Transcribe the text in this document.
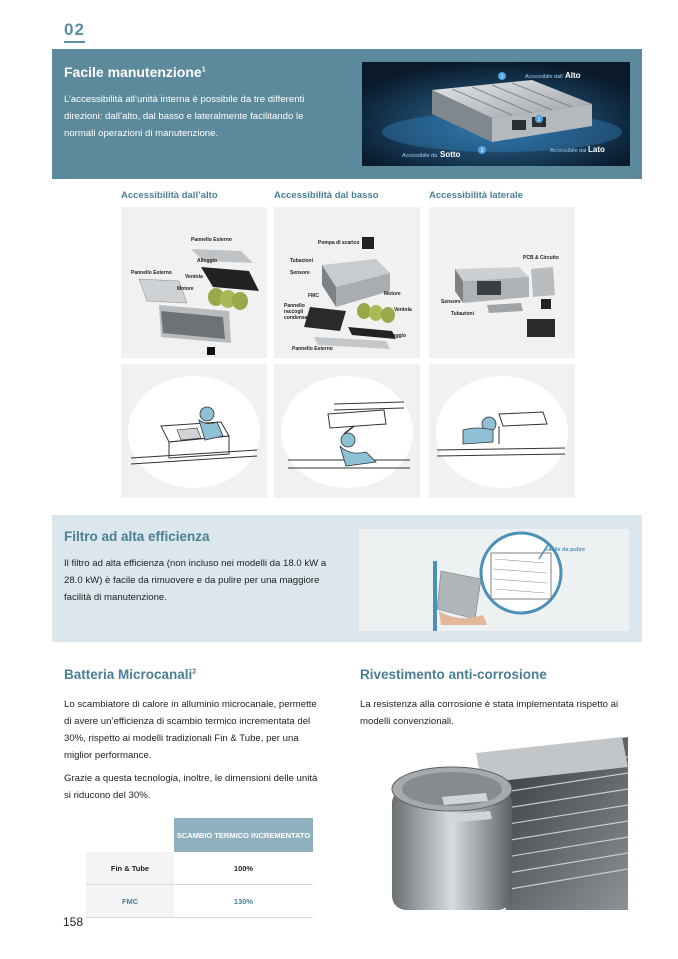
02
Facile manutenzione$^1$
L’accessibilità all’unità interna è possibile da tre differenti direzioni: dall’alto, dal basso e lateralmente facilitando le normali operazioni di manutenzione.
1
2
3
Accessibile dall’ Alto
Accessibile da Sotto	Accessibile dal Lato
Accessibilità dall’alto	Accessibilità dal basso	Accessibilità laterale
Pannello Esterno
Alloggio
Pannello Esterno
Ventola
Motore
Pompa di scarico
Tubazioni
Sensore
FMC	Motore
Pannello raccogli condensa
Ventola
Alloggio
Pannello Esterno
PCB & Circuito
Sensore
Tubazioni
Filtro ad alta efficienza
Il filtro ad alta efficienza (non incluso nei modelli da 18.0 kW a 28.0 kW) è facile da rimuovere e da pulire per una maggiore facilità di manutenzione.
Facile da pulire
Batteria Microcanali$^2$
Lo scambiatore di calore in alluminio microcanale, permette di avere un’efficienza di scambio termico incrementata del 30%, rispetto ai modelli tradizionali Fin & Tube, per una miglior performance.
Grazie a questa tecnologia, inoltre, le dimensioni delle unità si riducono del 30%.
	SCAMBIO TERMICO INCREMENTATO
Fin & Tube	100%
FMC	130%
Rivestimento anti-corrosione
La resistenza alla corrosione è stata implementata rispetto ai modelli convenzionali.
158
